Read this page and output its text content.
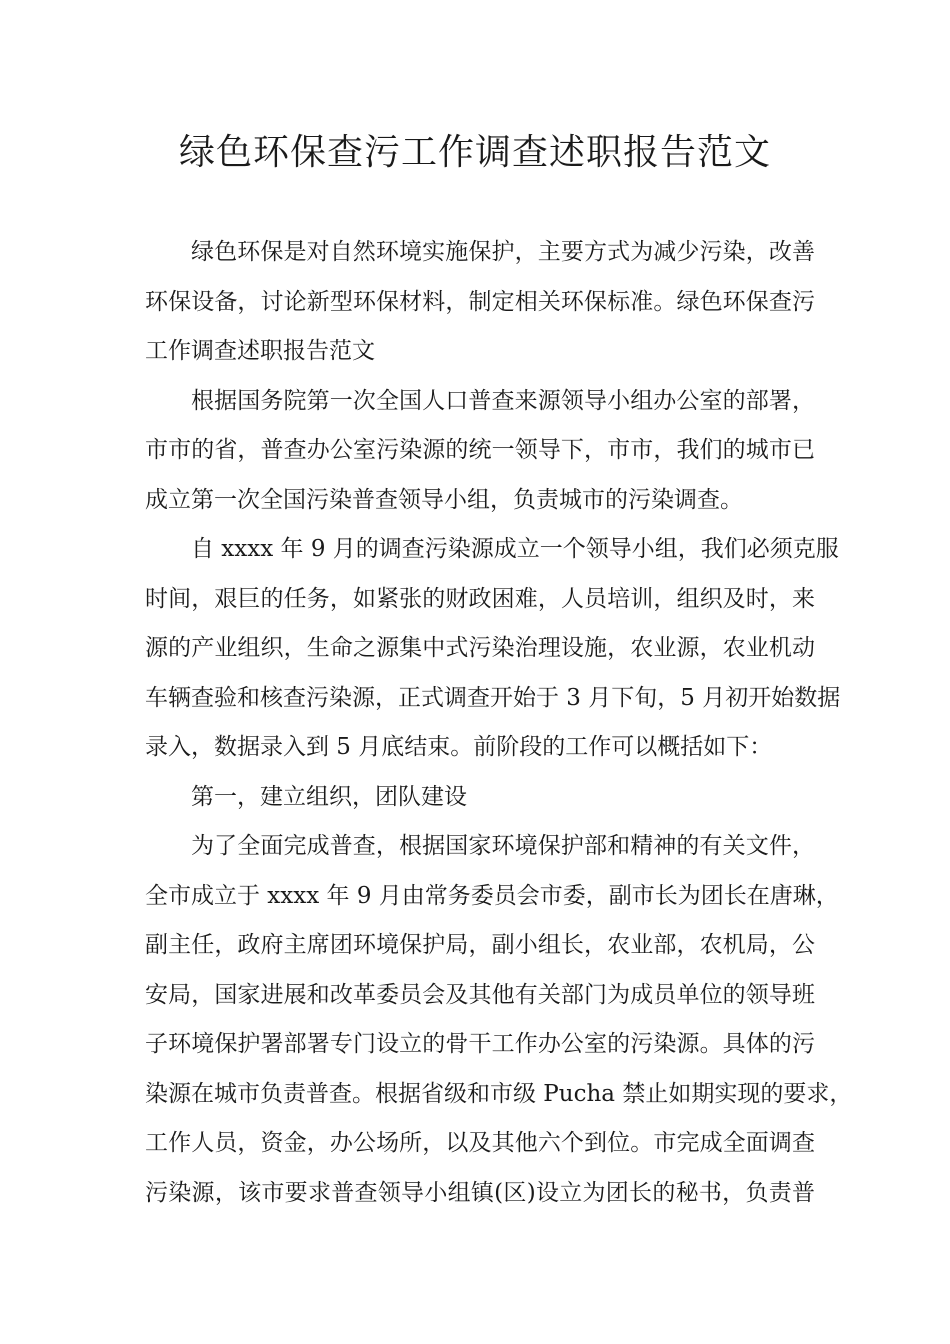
绿色环保查污工作调查述职报告范文
绿色环保是对自然环境实施保护，主要方式为减少污染，改善
环保设备，讨论新型环保材料，制定相关环保标准。绿色环保查污
工作调查述职报告范文
根据国务院第一次全国人口普查来源领导小组办公室的部署，
市市的省，普查办公室污染源的统一领导下，市市，我们的城市已
成立第一次全国污染普查领导小组，负责城市的污染调查。
自 xxxx 年 9 月的调查污染源成立一个领导小组，我们必须克服
时间，艰巨的任务，如紧张的财政困难，人员培训，组织及时，来
源的产业组织，生命之源集中式污染治理设施，农业源，农业机动
车辆查验和核查污染源，正式调查开始于 3 月下旬，5 月初开始数据
录入，数据录入到 5 月底结束。前阶段的工作可以概括如下：
第一，建立组织，团队建设
为了全面完成普查，根据国家环境保护部和精神的有关文件，
全市成立于 xxxx 年 9 月由常务委员会市委，副市长为团长在唐琳，
副主任，政府主席团环境保护局，副小组长，农业部，农机局，公
安局，国家进展和改革委员会及其他有关部门为成员单位的领导班
子环境保护署部署专门设立的骨干工作办公室的污染源。具体的污
染源在城市负责普查。根据省级和市级 Pucha 禁止如期实现的要求，
工作人员，资金，办公场所，以及其他六个到位。市完成全面调查
污染源，该市要求普查领导小组镇(区)设立为团长的秘书，负责普
